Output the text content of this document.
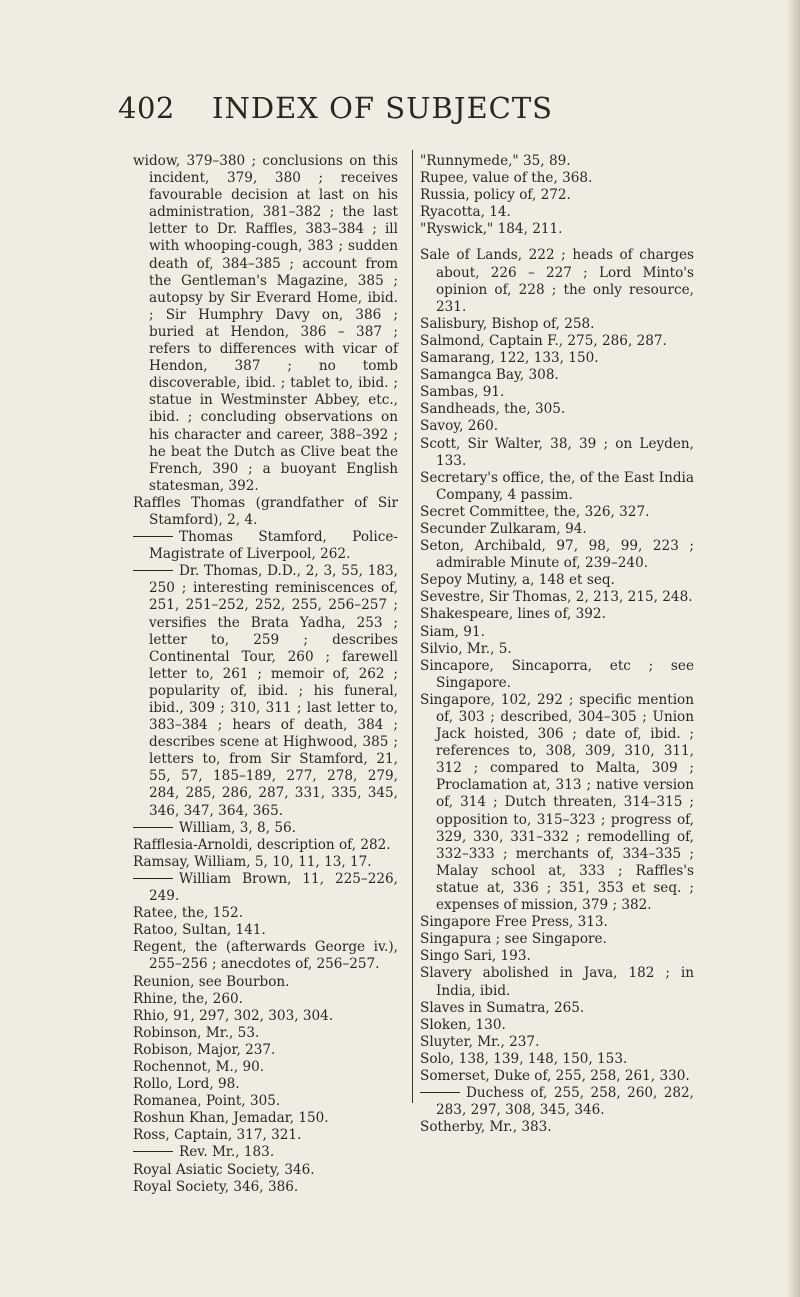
402 INDEX OF SUBJECTS

widow, 379–380 ; conclusions on this incident, 379, 380 ; receives favourable decision at last on his administration, 381–382 ; the last letter to Dr. Raffles, 383–384 ; ill with whooping-cough, 383 ; sudden death of, 384–385 ; account from the Gentleman's Magazine, 385 ; autopsy by Sir Everard Home, ibid. ; Sir Humphry Davy on, 386 ; buried at Hendon, 386 – 387 ; refers to differences with vicar of Hendon, 387 ; no tomb discoverable, ibid. ; tablet to, ibid. ; statue in Westminster Abbey, etc., ibid. ; concluding observations on his character and career, 388–392 ; he beat the Dutch as Clive beat the French, 390 ; a buoyant English statesman, 392.

Raffles Thomas (grandfather of Sir Stamford), 2, 4.

Thomas Stamford, Police-Magistrate of Liverpool, 262.

Dr. Thomas, D.D., 2, 3, 55, 183, 250 ; interesting reminiscences of, 251, 251–252, 252, 255, 256–257 ; versifies the Brata Yadha, 253 ; letter to, 259 ; describes Continental Tour, 260 ; farewell letter to, 261 ; memoir of, 262 ; popularity of, ibid. ; his funeral, ibid., 309 ; 310, 311 ; last letter to, 383–384 ; hears of death, 384 ; describes scene at Highwood, 385 ; letters to, from Sir Stamford, 21, 55, 57, 185–189, 277, 278, 279, 284, 285, 286, 287, 331, 335, 345, 346, 347, 364, 365.

William, 3, 8, 56.

Rafflesia-Arnoldi, description of, 282.

Ramsay, William, 5, 10, 11, 13, 17.

William Brown, 11, 225–226, 249.

Ratee, the, 152.

Ratoo, Sultan, 141.

Regent, the (afterwards George iv.), 255–256 ; anecdotes of, 256–257.

Reunion, see Bourbon.

Rhine, the, 260.

Rhio, 91, 297, 302, 303, 304.

Robinson, Mr., 53.

Robison, Major, 237.

Rochennot, M., 90.

Rollo, Lord, 98.

Romanea, Point, 305.

Roshun Khan, Jemadar, 150.

Ross, Captain, 317, 321.

Rev. Mr., 183.

Royal Asiatic Society, 346.

Royal Society, 346, 386.

"Runnymede," 35, 89.

Rupee, value of the, 368.

Russia, policy of, 272.

Ryacotta, 14.

"Ryswick," 184, 211.

Sale of Lands, 222 ; heads of charges about, 226 – 227 ; Lord Minto's opinion of, 228 ; the only resource, 231.

Salisbury, Bishop of, 258.

Salmond, Captain F., 275, 286, 287.

Samarang, 122, 133, 150.

Samangca Bay, 308.

Sambas, 91.

Sandheads, the, 305.

Savoy, 260.

Scott, Sir Walter, 38, 39 ; on Leyden, 133.

Secretary's office, the, of the East India Company, 4 passim.

Secret Committee, the, 326, 327.

Secunder Zulkaram, 94.

Seton, Archibald, 97, 98, 99, 223 ; admirable Minute of, 239–240.

Sepoy Mutiny, a, 148 et seq.

Sevestre, Sir Thomas, 2, 213, 215, 248.

Shakespeare, lines of, 392.

Siam, 91.

Silvio, Mr., 5.

Sincapore, Sincaporra, etc ; see Singapore.

Singapore, 102, 292 ; specific mention of, 303 ; described, 304–305 ; Union Jack hoisted, 306 ; date of, ibid. ; references to, 308, 309, 310, 311, 312 ; compared to Malta, 309 ; Proclamation at, 313 ; native version of, 314 ; Dutch threaten, 314–315 ; opposition to, 315–323 ; progress of, 329, 330, 331–332 ; remodelling of, 332–333 ; merchants of, 334–335 ; Malay school at, 333 ; Raffles's statue at, 336 ; 351, 353 et seq. ; expenses of mission, 379 ; 382.

Singapore Free Press, 313.

Singapura ; see Singapore.

Singo Sari, 193.

Slavery abolished in Java, 182 ; in India, ibid.

Slaves in Sumatra, 265.

Sloken, 130.

Sluyter, Mr., 237.

Solo, 138, 139, 148, 150, 153.

Somerset, Duke of, 255, 258, 261, 330.

Duchess of, 255, 258, 260, 282, 283, 297, 308, 345, 346.

Sotherby, Mr., 383.
